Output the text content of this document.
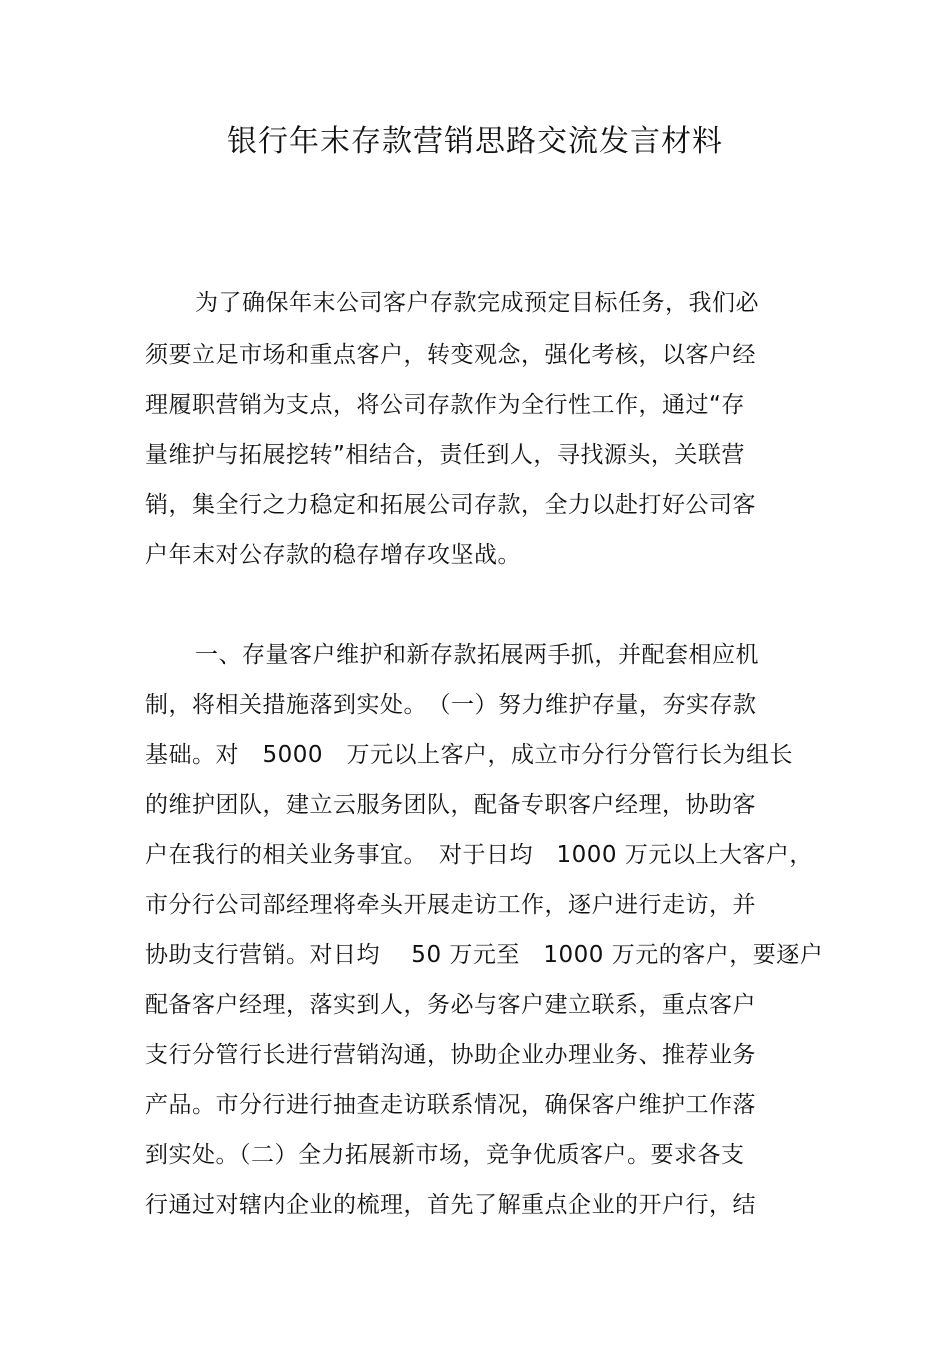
银行年末存款营销思路交流发言材料
为了确保年末公司客户存款完成预定目标任务，我们必
须要立足市场和重点客户，转变观念，强化考核，以客户经
理履职营销为支点，将公司存款作为全行性工作，通过“存
量维护与拓展挖转”相结合，责任到人，寻找源头，关联营
销，集全行之力稳定和拓展公司存款，全力以赴打好公司客
户年末对公存款的稳存增存攻坚战。
一、存量客户维护和新存款拓展两手抓，并配套相应机
制，将相关措施落到实处。　（一）努力维护存量，夯实存款
基础。对　5000　万元以上客户，成立市分行分管行长为组长
的维护团队，建立云服务团队，配备专职客户经理，协助客
户在我行的相关业务事宜。　对于日均　1000 万元以上大客户，
市分行公司部经理将牵头开展走访工作，逐户进行走访，并
协助支行营销。对日均　 50 万元至　1000 万元的客户，要逐户
配备客户经理，落实到人，务必与客户建立联系，重点客户
支行分管行长进行营销沟通，协助企业办理业务、推荐业务
产品。市分行进行抽查走访联系情况，确保客户维护工作落
到实处。（二）全力拓展新市场，竞争优质客户。要求各支
行通过对辖内企业的梳理，首先了解重点企业的开户行，结
